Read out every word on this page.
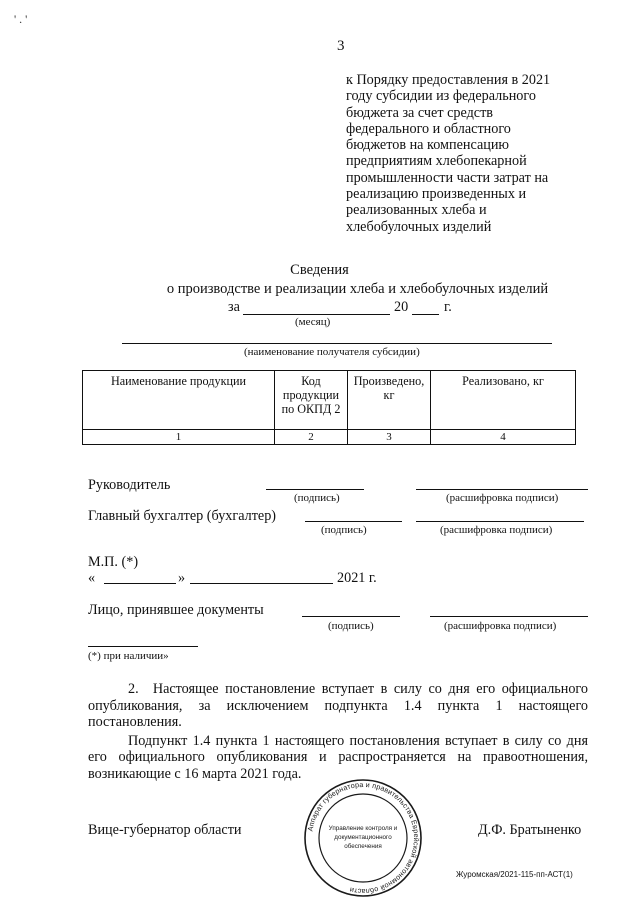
' . '
3
к Порядку предоставления в 2021
году субсидии из федерального
бюджета за счет средств
федерального и областного
бюджетов на компенсацию
предприятиям хлебопекарной
промышленности части затрат на
реализацию произведенных и
реализованных хлеба и
хлебобулочных изделий
Сведения
о производстве и реализации хлеба и хлебобулочных изделий
за	20	г.
(месяц)
(наименование получателя субсидии)
Наименование продукции	Код продукции по ОКПД 2	Произведено, кг	Реализовано, кг
1	2	3	4
Руководитель
(подпись)	(расшифровка подписи)
Главный бухгалтер (бухгалтер)
(подпись)	(расшифровка подписи)
М.П. (*)
«	»	2021 г.
Лицо, принявшее документы
(подпись)	(расшифровка подписи)
(*) при наличии»

2. Настоящее постановление вступает в силу со дня его официального опубликования, за исключением подпункта 1.4 пункта 1 настоящего постановления.

Подпункт 1.4 пункта 1 настоящего постановления вступает в силу со дня его официального опубликования и распространяется на правоотношения, возникающие с 16 марта 2021 года.

Вице-губернатор области	Д.Ф. Братыненко
Журомская/2021-115-пп-АСТ(1)
Аппарат губернатора и правительства Еврейской автономной области
Управление контроля и
документационного
обеспечения
